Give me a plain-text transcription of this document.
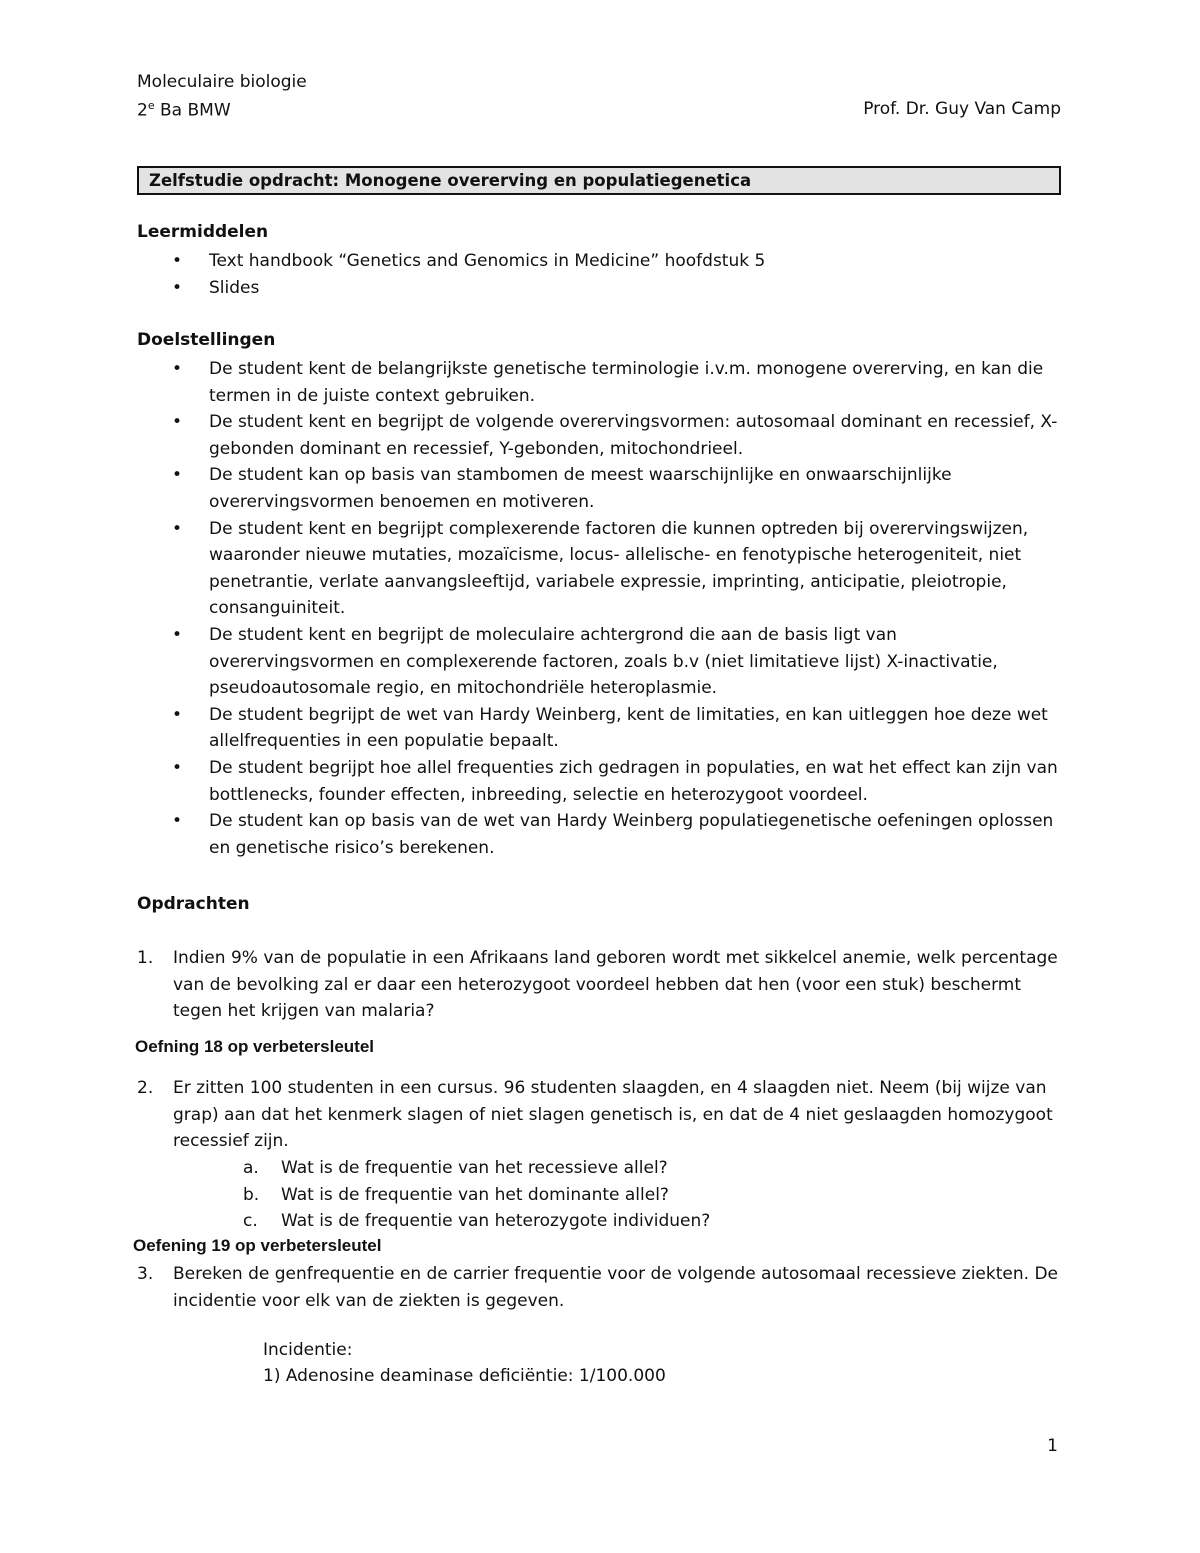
Moleculaire biologie
2e Ba BMW	Prof. Dr. Guy Van Camp
Zelfstudie opdracht: Monogene overerving en populatiegenetica
Leermiddelen
• Text handbook “Genetics and Genomics in Medicine” hoofdstuk 5
• Slides
Doelstellingen
• De student kent de belangrijkste genetische terminologie i.v.m. monogene overerving, en kan die termen in de juiste context gebruiken.
• De student kent en begrijpt de volgende overervingsvormen: autosomaal dominant en recessief, X-gebonden dominant en recessief, Y-gebonden, mitochondrieel.
• De student kan op basis van stambomen de meest waarschijnlijke en onwaarschijnlijke overervingsvormen benoemen en motiveren.
• De student kent en begrijpt complexerende factoren die kunnen optreden bij overervingswijzen, waaronder nieuwe mutaties, mozaïcisme, locus- allelische- en fenotypische heterogeniteit, niet penetrantie, verlate aanvangsleeftijd, variabele expressie, imprinting, anticipatie, pleiotropie, consanguiniteit.
• De student kent en begrijpt de moleculaire achtergrond die aan de basis ligt van overervingsvormen en complexerende factoren, zoals b.v (niet limitatieve lijst) X-inactivatie, pseudoautosomale regio, en mitochondriële heteroplasmie.
• De student begrijpt de wet van Hardy Weinberg, kent de limitaties, en kan uitleggen hoe deze wet allelfrequenties in een populatie bepaalt.
• De student begrijpt hoe allel frequenties zich gedragen in populaties, en wat het effect kan zijn van bottlenecks, founder effecten, inbreeding, selectie en heterozygoot voordeel.
• De student kan op basis van de wet van Hardy Weinberg populatiegenetische oefeningen oplossen en genetische risico’s berekenen.
Opdrachten
1. Indien 9% van de populatie in een Afrikaans land geboren wordt met sikkelcel anemie, welk percentage van de bevolking zal er daar een heterozygoot voordeel hebben dat hen (voor een stuk) beschermt tegen het krijgen van malaria?
Oefning 18 op verbetersleutel
2. Er zitten 100 studenten in een cursus. 96 studenten slaagden, en 4 slaagden niet. Neem (bij wijze van grap) aan dat het kenmerk slagen of niet slagen genetisch is, en dat de 4 niet geslaagden homozygoot recessief zijn.
a. Wat is de frequentie van het recessieve allel?
b. Wat is de frequentie van het dominante allel?
c. Wat is de frequentie van heterozygote individuen?
Oefening 19 op verbetersleutel
3. Bereken de genfrequentie en de carrier frequentie voor de volgende autosomaal recessieve ziekten. De incidentie voor elk van de ziekten is gegeven.
Incidentie:
1) Adenosine deaminase deficiëntie: 1/100.000
1
